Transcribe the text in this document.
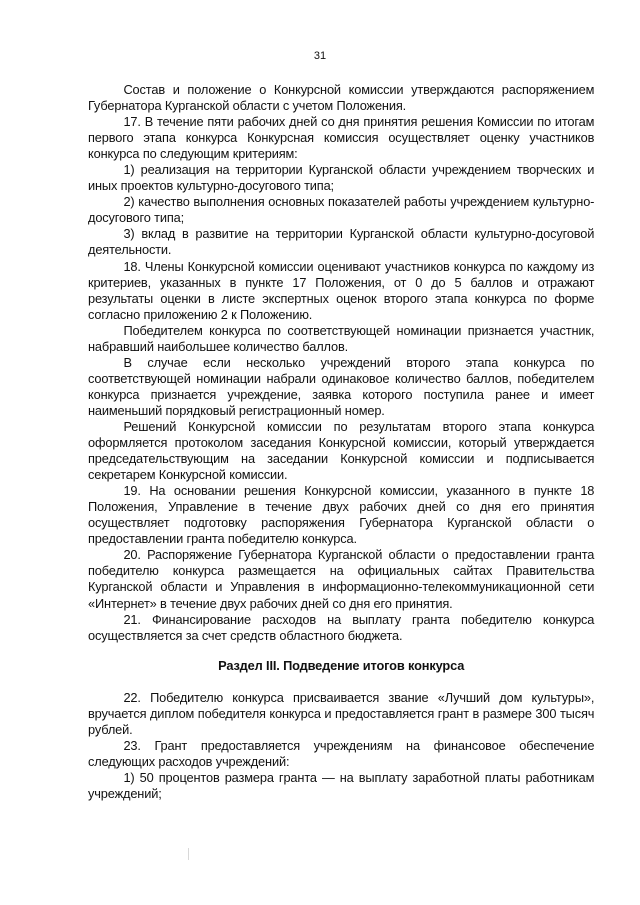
31

Состав и положение о Конкурсной комиссии утверждаются распоряжением Губернатора Курганской области с учетом Положения.

17. В течение пяти рабочих дней со дня принятия решения Комиссии по итогам первого этапа конкурса Конкурсная комиссия осуществляет оценку участников конкурса по следующим критериям:

1) реализация на территории Курганской области учреждением творческих и иных проектов культурно-досугового типа;

2) качество выполнения основных показателей работы учреждением культурно-досугового типа;

3) вклад в развитие на территории Курганской области культурно-досуговой деятельности.

18. Члены Конкурсной комиссии оценивают участников конкурса по каждому из критериев, указанных в пункте 17 Положения, от 0 до 5 баллов и отражают результаты оценки в листе экспертных оценок второго этапа конкурса по форме согласно приложению 2 к Положению.

Победителем конкурса по соответствующей номинации признается участник, набравший наибольшее количество баллов.

В случае если несколько учреждений второго этапа конкурса по соответствующей номинации набрали одинаковое количество баллов, победителем конкурса признается учреждение, заявка которого поступила ранее и имеет наименьший порядковый регистрационный номер.

Решений Конкурсной комиссии по результатам второго этапа конкурса оформляется протоколом заседания Конкурсной комиссии, который утверждается председательствующим на заседании Конкурсной комиссии и подписывается секретарем Конкурсной комиссии.

19. На основании решения Конкурсной комиссии, указанного в пункте 18 Положения, Управление в течение двух рабочих дней со дня его принятия осуществляет подготовку распоряжения Губернатора Курганской области о предоставлении гранта победителю конкурса.

20. Распоряжение Губернатора Курганской области о предоставлении гранта победителю конкурса размещается на официальных сайтах Правительства Курганской области и Управления в информационно-телекоммуникационной сети «Интернет» в течение двух рабочих дней со дня его принятия.

21. Финансирование расходов на выплату гранта победителю конкурса осуществляется за счет средств областного бюджета.

Раздел III. Подведение итогов конкурса

22. Победителю конкурса присваивается звание «Лучший дом культуры», вручается диплом победителя конкурса и предоставляется грант в размере 300 тысяч рублей.

23. Грант предоставляется учреждениям на финансовое обеспечение следующих расходов учреждений:

1) 50 процентов размера гранта — на выплату заработной платы работникам учреждений;
